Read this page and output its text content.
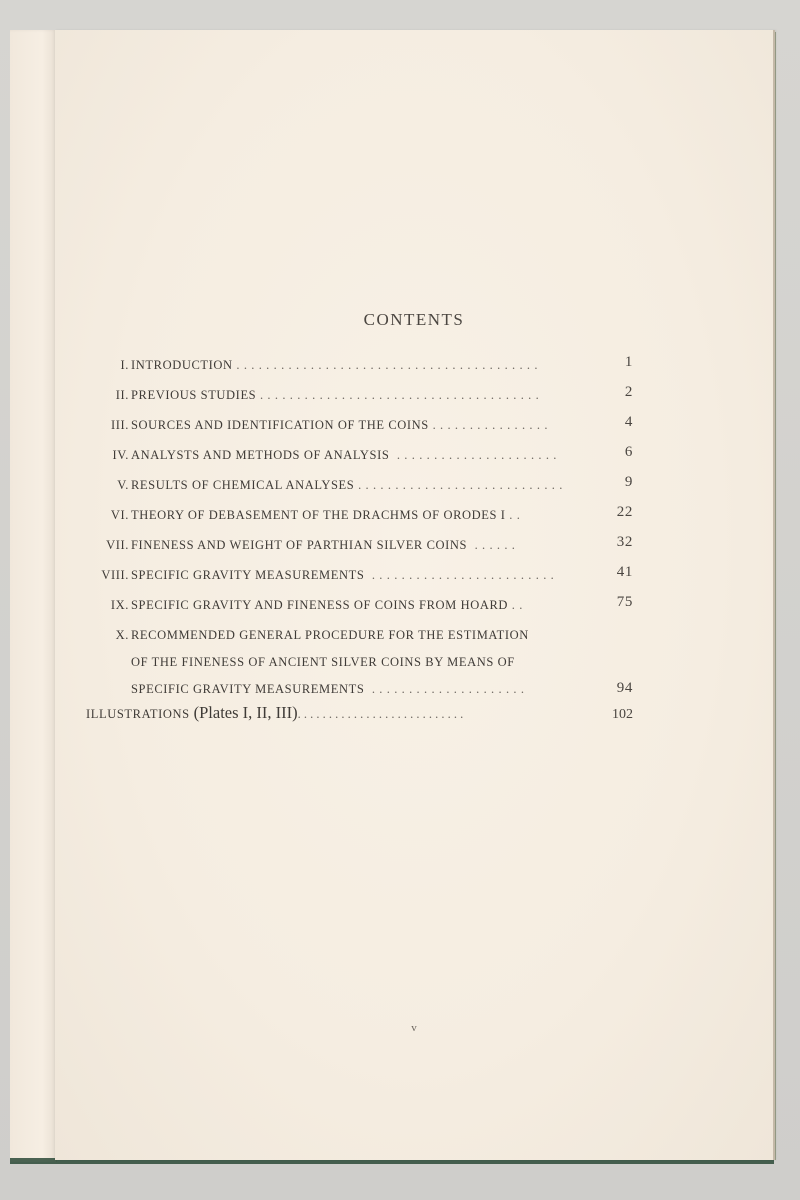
CONTENTS
I. INTRODUCTION . . . . . . . . . . . . . . . . . . . . . . . . . . . . . . . . . . . . . . . . .	1
II. PREVIOUS STUDIES . . . . . . . . . . . . . . . . . . . . . . . . . . . . . . . . . . . . . .	2
III. SOURCES AND IDENTIFICATION OF THE COINS . . . . . . . . . . . . . . . .	4
IV. ANALYSTS AND METHODS OF ANALYSIS . . . . . . . . . . . . . . . . . . . . . .	6
V. RESULTS OF CHEMICAL ANALYSES . . . . . . . . . . . . . . . . . . . . . . . . . . . .	9
VI. THEORY OF DEBASEMENT OF THE DRACHMS OF ORODES I . .	22
VII. FINENESS AND WEIGHT OF PARTHIAN SILVER COINS . . . . . .	32
VIII. SPECIFIC GRAVITY MEASUREMENTS . . . . . . . . . . . . . . . . . . . . . . . . .	41
IX. SPECIFIC GRAVITY AND FINENESS OF COINS FROM HOARD . .	75
X. RECOMMENDED GENERAL PROCEDURE FOR THE ESTIMATION
OF THE FINENESS OF ANCIENT SILVER COINS BY MEANS OF
SPECIFIC GRAVITY MEASUREMENTS . . . . . . . . . . . . . . . . . . . . .	94
ILLUSTRATIONS (Plates I, II, III). . . . . . . . . . . . . . . . . . . . . . . . . . .	102
v
